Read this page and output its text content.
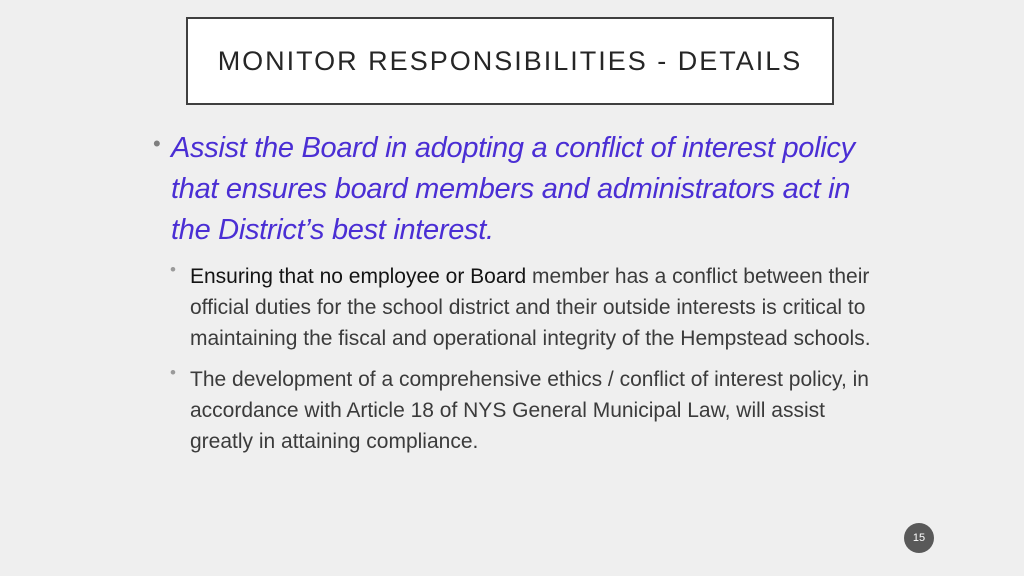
MONITOR RESPONSIBILITIES - DETAILS
• Assist the Board in adopting a conflict of interest policy that ensures board members and administrators act in the District’s best interest.
• Ensuring that no employee or Board member has a conflict between their official duties for the school district and their outside interests is critical to maintaining the fiscal and operational integrity of the Hempstead schools.
• The development of a comprehensive ethics / conflict of interest policy, in accordance with Article 18 of NYS General Municipal Law, will assist greatly in attaining compliance.
15
